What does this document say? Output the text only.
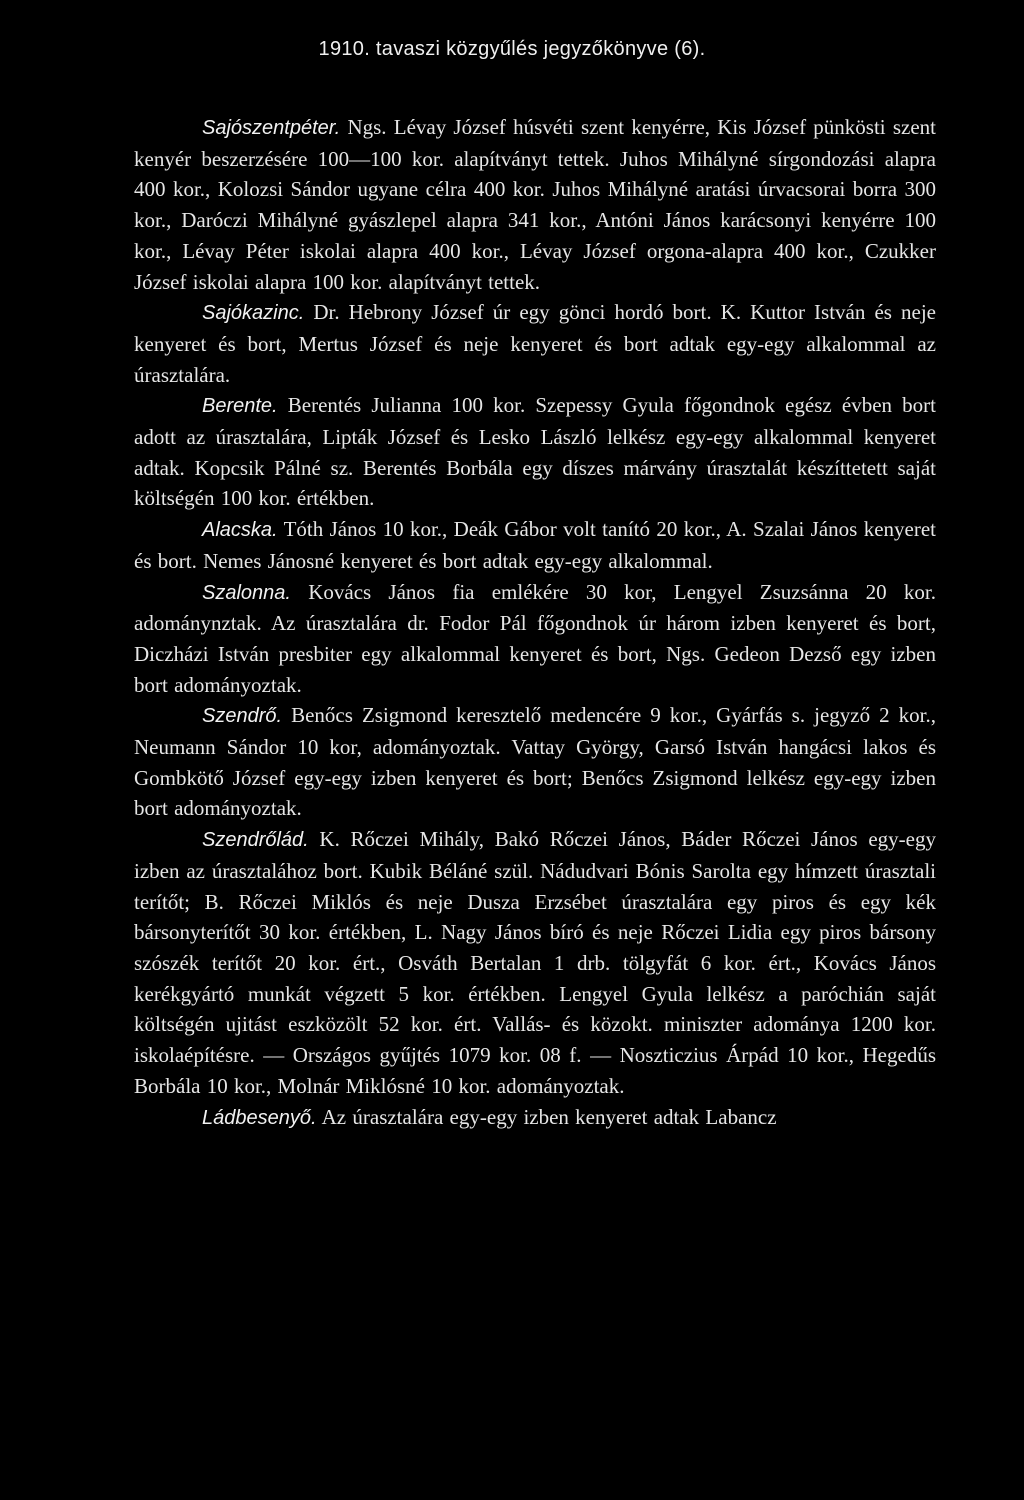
1910. tavaszi közgyűlés jegyzőkönyve (6).

Sajószentpéter. Ngs. Lévay József húsvéti szent kenyérre, Kis József pünkösti szent kenyér beszerzésére 100—100 kor. alapítványt tettek. Juhos Mihályné sírgondozási alapra 400 kor., Kolozsi Sándor ugyane célra 400 kor. Juhos Mihályné aratási úrvacsorai borra 300 kor., Daróczi Mihályné gyászlepel alapra 341 kor., Antóni János karácsonyi kenyérre 100 kor., Lévay Péter iskolai alapra 400 kor., Lévay József orgona-alapra 400 kor., Czukker József iskolai alapra 100 kor. alapítványt tettek.

Sajókazinc. Dr. Hebrony József úr egy gönci hordó bort. K. Kuttor István és neje kenyeret és bort, Mertus József és neje kenyeret és bort adtak egy-egy alkalommal az úrasztalára.

Berente. Berentés Julianna 100 kor. Szepessy Gyula főgondnok egész évben bort adott az úrasztalára, Lipták József és Lesko László lelkész egy-egy alkalommal kenyeret adtak. Kopcsik Pálné sz. Berentés Borbála egy díszes márvány úrasztalát készíttetett saját költségén 100 kor. értékben.

Alacska. Tóth János 10 kor., Deák Gábor volt tanító 20 kor., A. Szalai János kenyeret és bort. Nemes Jánosné kenyeret és bort adtak egy-egy alkalommal.

Szalonna. Kovács János fia emlékére 30 kor, Lengyel Zsuzsánna 20 kor. adománynztak. Az úrasztalára dr. Fodor Pál főgondnok úr három izben kenyeret és bort, Diczházi István presbiter egy alkalommal kenyeret és bort, Ngs. Gedeon Dezső egy izben bort adományoztak.

Szendrő. Benőcs Zsigmond keresztelő medencére 9 kor., Gyárfás s. jegyző 2 kor., Neumann Sándor 10 kor, adományoztak. Vattay György, Garsó István hangácsi lakos és Gombkötő József egy-egy izben kenyeret és bort; Benőcs Zsigmond lelkész egy-egy izben bort adományoztak.

Szendrőlád. K. Rőczei Mihály, Bakó Rőczei János, Báder Rőczei János egy-egy izben az úrasztalához bort. Kubik Béláné szül. Nádudvari Bónis Sarolta egy hímzett úrasztali terítőt; B. Rőczei Miklós és neje Dusza Erzsébet úrasztalára egy piros és egy kék bársonyterítőt 30 kor. értékben, L. Nagy János bíró és neje Rőczei Lidia egy piros bársony szószék terítőt 20 kor. ért., Osváth Bertalan 1 drb. tölgyfát 6 kor. ért., Kovács János kerékgyártó munkát végzett 5 kor. értékben. Lengyel Gyula lelkész a paróchián saját költségén ujitást eszközölt 52 kor. ért. Vallás- és közokt. miniszter adománya 1200 kor. iskolaépítésre. — Országos gyűjtés 1079 kor. 08 f. — Noszticzius Árpád 10 kor., Hegedűs Borbála 10 kor., Molnár Miklósné 10 kor. adományoztak.

Ládbesenyő. Az úrasztalára egy-egy izben kenyeret adtak Labancz
